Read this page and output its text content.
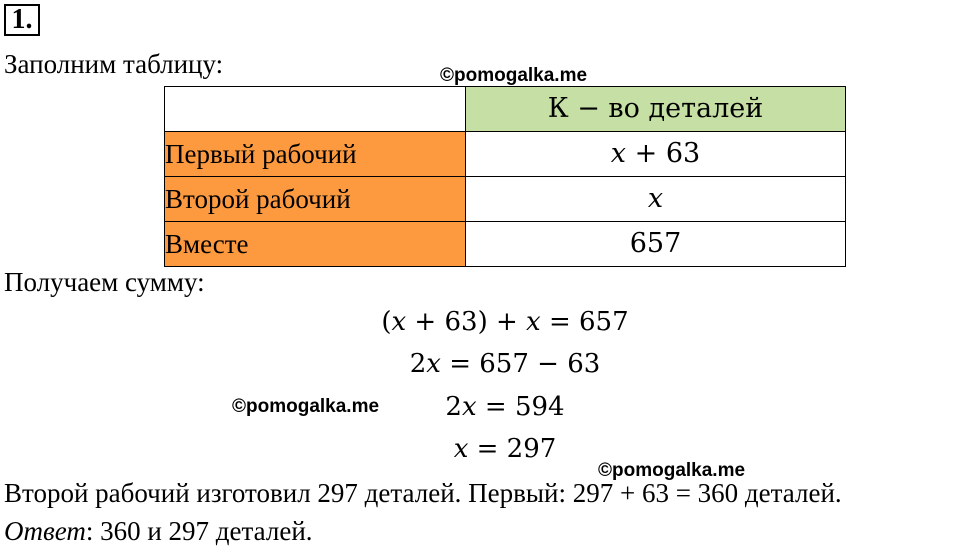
1.
Заполним таблицу:	©pomogalka.me
	К − во деталей
Первый рабочий	x + 63
Второй рабочий	x
Вместе	657
Получаем сумму:
(x + 63) + x = 657
2x = 657 − 63
©pomogalka.me	2x = 594
x = 297
©pomogalka.me
Второй рабочий изготовил 297 деталей. Первый: 297 + 63 = 360 деталей.
Ответ: 360 и 297 деталей.
